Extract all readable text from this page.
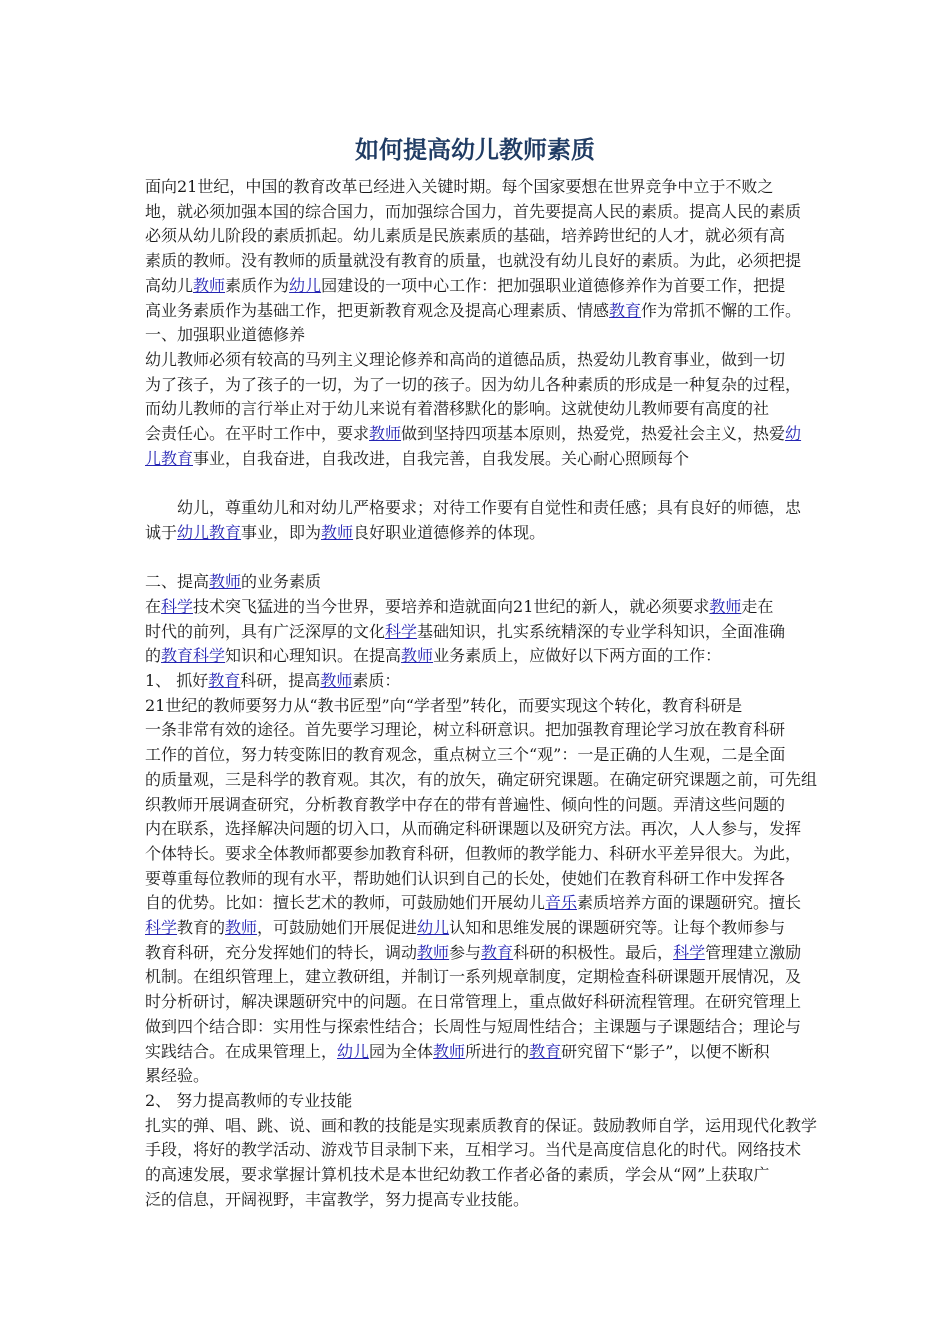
如何提高幼儿教师素质

面向21世纪，中国的教育改革已经进入关键时期。每个国家要想在世界竞争中立于不败之

地，就必须加强本国的综合国力，而加强综合国力，首先要提高人民的素质。提高人民的素质

必须从幼儿阶段的素质抓起。幼儿素质是民族素质的基础，培养跨世纪的人才，就必须有高

素质的教师。没有教师的质量就没有教育的质量，也就没有幼儿良好的素质。为此，必须把提

高幼儿教师素质作为幼儿园建设的一项中心工作：把加强职业道德修养作为首要工作，把提

高业务素质作为基础工作，把更新教育观念及提高心理素质、情感教育作为常抓不懈的工作。

一、加强职业道德修养

幼儿教师必须有较高的马列主义理论修养和高尚的道德品质，热爱幼儿教育事业，做到一切

为了孩子，为了孩子的一切，为了一切的孩子。因为幼儿各种素质的形成是一种复杂的过程，

而幼儿教师的言行举止对于幼儿来说有着潜移默化的影响。这就使幼儿教师要有高度的社

会责任心。在平时工作中，要求教师做到坚持四项基本原则，热爱党，热爱社会主义，热爱幼

儿教育事业，自我奋进，自我改进，自我完善，自我发展。关心耐心照顾每个

幼儿，尊重幼儿和对幼儿严格要求；对待工作要有自觉性和责任感；具有良好的师德，忠

诚于幼儿教育事业，即为教师良好职业道德修养的体现。

二、提高教师的业务素质

在科学技术突飞猛进的当今世界，要培养和造就面向21世纪的新人，就必须要求教师走在

时代的前列，具有广泛深厚的文化科学基础知识，扎实系统精深的专业学科知识，全面准确

的教育科学知识和心理知识。在提高教师业务素质上，应做好以下两方面的工作：

1、 抓好教育科研，提高教师素质：

21世纪的教师要努力从“教书匠型”向“学者型”转化，而要实现这个转化，教育科研是

一条非常有效的途径。首先要学习理论，树立科研意识。把加强教育理论学习放在教育科研

工作的首位，努力转变陈旧的教育观念，重点树立三个“观”：一是正确的人生观，二是全面

的质量观，三是科学的教育观。其次，有的放矢，确定研究课题。在确定研究课题之前，可先组

织教师开展调查研究，分析教育教学中存在的带有普遍性、倾向性的问题。弄清这些问题的

内在联系，选择解决问题的切入口，从而确定科研课题以及研究方法。再次，人人参与，发挥

个体特长。要求全体教师都要参加教育科研，但教师的教学能力、科研水平差异很大。为此，

要尊重每位教师的现有水平，帮助她们认识到自己的长处，使她们在教育科研工作中发挥各

自的优势。比如：擅长艺术的教师，可鼓励她们开展幼儿音乐素质培养方面的课题研究。擅长

科学教育的教师，可鼓励她们开展促进幼儿认知和思维发展的课题研究等。让每个教师参与

教育科研，充分发挥她们的特长，调动教师参与教育科研的积极性。最后，科学管理建立激励

机制。在组织管理上，建立教研组，并制订一系列规章制度，定期检查科研课题开展情况，及

时分析研讨，解决课题研究中的问题。在日常管理上，重点做好科研流程管理。在研究管理上

做到四个结合即：实用性与探索性结合；长周性与短周性结合；主课题与子课题结合；理论与

实践结合。在成果管理上，幼儿园为全体教师所进行的教育研究留下“影子”，以便不断积

累经验。

2、 努力提高教师的专业技能

扎实的弹、唱、跳、说、画和教的技能是实现素质教育的保证。鼓励教师自学，运用现代化教学

手段，将好的教学活动、游戏节目录制下来，互相学习。当代是高度信息化的时代。网络技术

的高速发展，要求掌握计算机技术是本世纪幼教工作者必备的素质，学会从“网”上获取广

泛的信息，开阔视野，丰富教学，努力提高专业技能。
